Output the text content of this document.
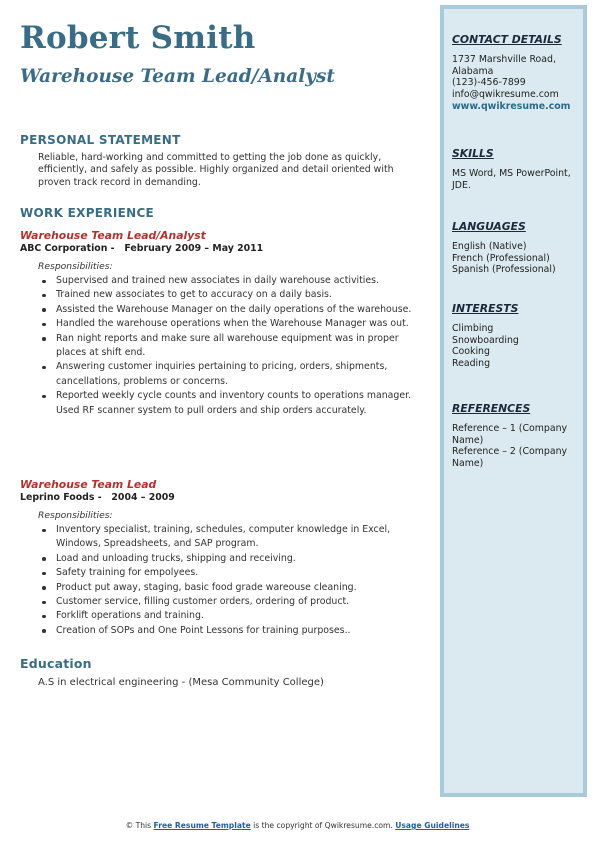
Robert Smith
Warehouse Team Lead/Analyst
PERSONAL STATEMENT
Reliable, hard-working and committed to getting the job done as quickly, efficiently, and safely as possible. Highly organized and detail oriented with proven track record in demanding.
WORK EXPERIENCE
Warehouse Team Lead/Analyst
ABC Corporation -   February 2009 – May 2011
Responsibilities:
Supervised and trained new associates in daily warehouse activities.
Trained new associates to get to accuracy on a daily basis.
Assisted the Warehouse Manager on the daily operations of the warehouse.
Handled the warehouse operations when the Warehouse Manager was out.
Ran night reports and make sure all warehouse equipment was in proper places at shift end.
Answering customer inquiries pertaining to pricing, orders, shipments, cancellations, problems or concerns.
Reported weekly cycle counts and inventory counts to operations manager. Used RF scanner system to pull orders and ship orders accurately.
Warehouse Team Lead
Leprino Foods -   2004 – 2009
Responsibilities:
Inventory specialist, training, schedules, computer knowledge in Excel, Windows, Spreadsheets, and SAP program.
Load and unloading trucks, shipping and receiving.
Safety training for empolyees.
Product put away, staging, basic food grade wareouse cleaning.
Customer service, filling customer orders, ordering of product.
Forklift operations and training.
Creation of SOPs and One Point Lessons for training purposes..
Education
A.S in electrical engineering - (Mesa Community College)
CONTACT DETAILS
1737 Marshville Road,
Alabama
(123)-456-7899
info@qwikresume.com
www.qwikresume.com
SKILLS
MS Word, MS PowerPoint,
JDE.
LANGUAGES
English (Native)
French (Professional)
Spanish (Professional)
INTERESTS
Climbing
Snowboarding
Cooking
Reading
REFERENCES
Reference – 1 (Company
Name)
Reference – 2 (Company
Name)
© This Free Resume Template is the copyright of Qwikresume.com. Usage Guidelines
